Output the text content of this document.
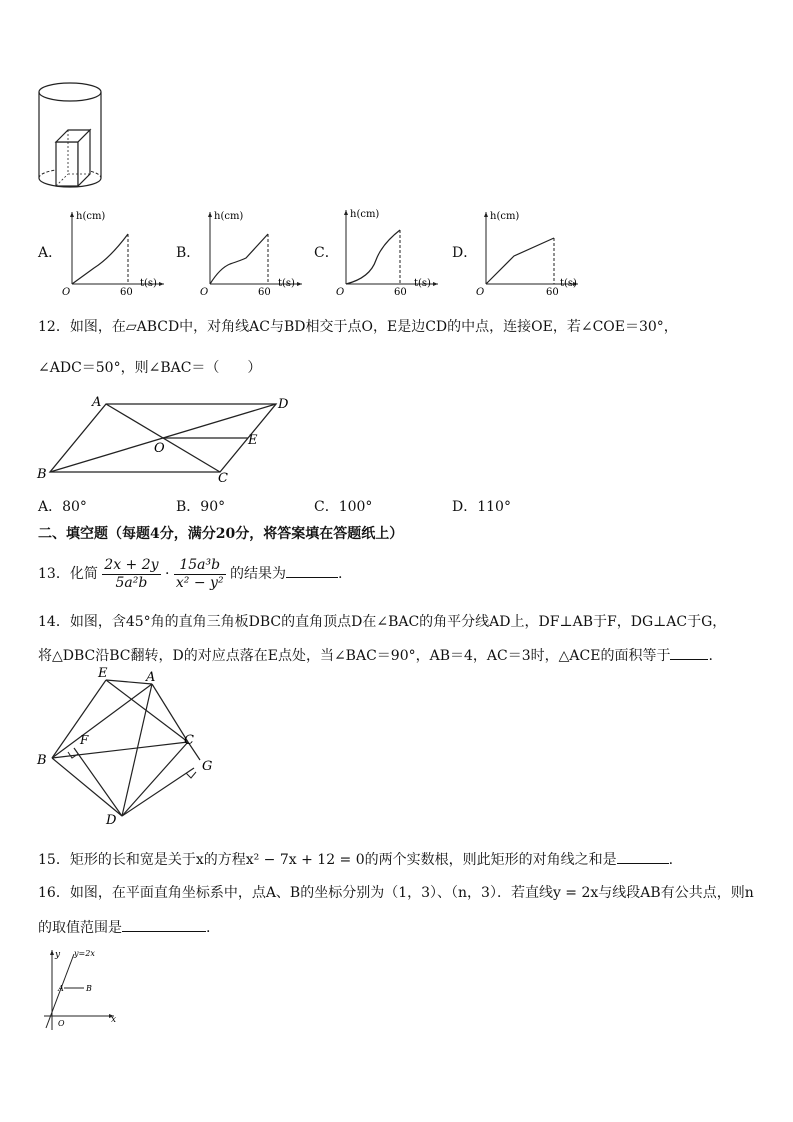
A．
h(cm)
t(s)
O	60
B．
h(cm)
t(s)
O	60
C．
h(cm)
t(s)
O	60
D．
h(cm)
t(s)
O	60
12．如图，在▱ABCD中，对角线AC与BD相交于点O，E是边CD的中点，连接OE，若∠COE＝30°，
∠ADC＝50°，则∠BAC＝（　　）
A	D
B	C
E
O
A．80°	B．90°	C．100°	D．110°
二、填空题（每题4分，满分20分，将答案填在答题纸上）
13．化简 $\frac{2x + 2y}{\text{5a²b}} \cdot \frac{\text{15a³b}}{\text{x² − y²}}$ 的结果为	.
14．如图，含45°角的直角三角板DBC的直角顶点D在∠BAC的角平分线AD上，DF⊥AB于F，DG⊥AC于G，
将△DBC沿BC翻转，D的对应点落在E点处，当∠BAC＝90°，AB＝4，AC＝3时，△ACE的面积等于	.
E	A
B
C
D
F
G
15．矩形的长和宽是关于x的方程x² − 7x + 12 = 0的两个实数根，则此矩形的对角线之和是	.
16．如图，在平面直角坐标系中，点A、B的坐标分别为（1，3）、（n，3）．若直线y = 2x与线段AB有公共点，则n
的取值范围是	.
y y=2x
A	B
O	x
